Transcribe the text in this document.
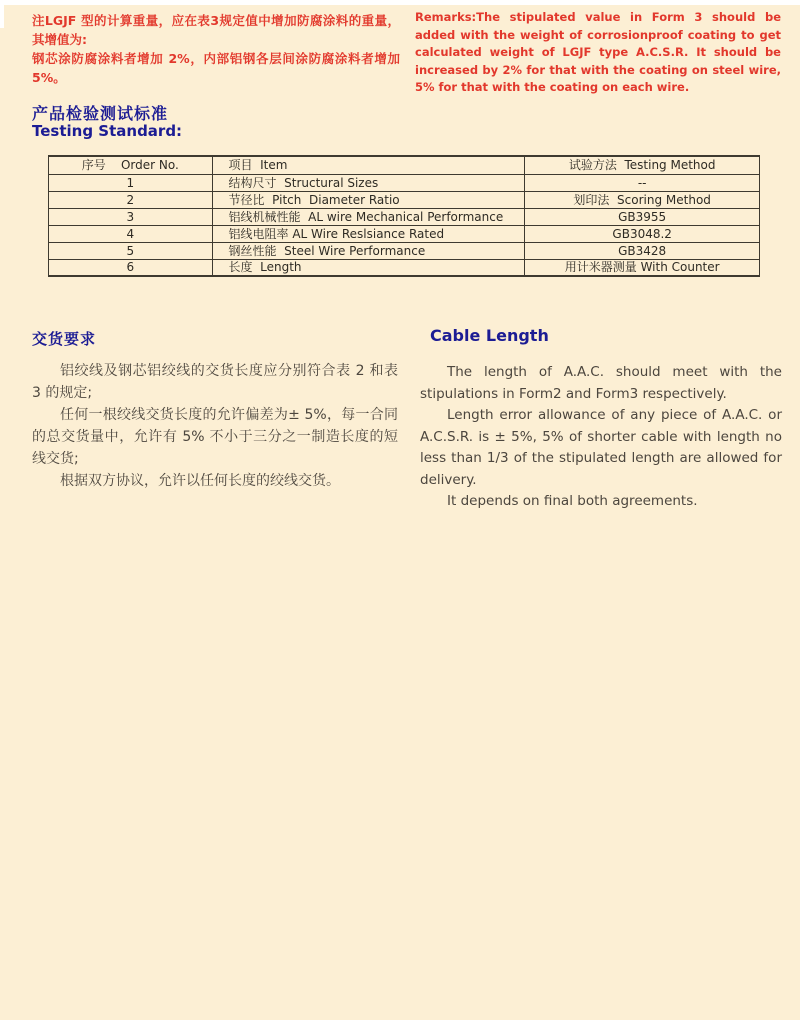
注LGJF 型的计算重量，应在表3规定值中增加防腐涂料的重量，其增值为:
钢芯涂防腐涂料者增加 2%，内部铝钢各层间涂防腐涂料者增加 5%。
Remarks:The stipulated value in Form 3 should be added with the weight of corrosionproof coating to get calculated weight of LGJF type A.C.S.R. It should be increased by 2% for that with the coating on steel wire, 5% for that with the coating on each wire.
产品检验测试标准
Testing Standard:
序号    Order No.	项目  Item	试验方法  Testing Method
1	结构尺寸  Structural Sizes	--
2	节径比  Pitch  Diameter Ratio	划印法  Scoring Method
3	铝线机械性能  AL wire Mechanical Performance	GB3955
4	铝线电阻率 AL Wire Reslsiance Rated	GB3048.2
5	钢丝性能  Steel Wire Performance	GB3428
6	长度  Length	用计米器测量 With Counter
交货要求	Cable Length

铝绞线及钢芯铝绞线的交货长度应分别符合表 2 和表 3 的规定;

任何一根绞线交货长度的允许偏差为± 5%，每一合同的总交货量中，允许有 5% 不小于三分之一制造长度的短线交货;

根据双方协议，允许以任何长度的绞线交货。

The length of A.A.C. should meet with the stipulations in Form2 and Form3 respectively.

Length error allowance of any piece of A.A.C. or A.C.S.R. is ± 5%, 5% of shorter cable with length no less than 1/3 of the stipulated length are allowed for delivery.

It depends on final both agreements.
